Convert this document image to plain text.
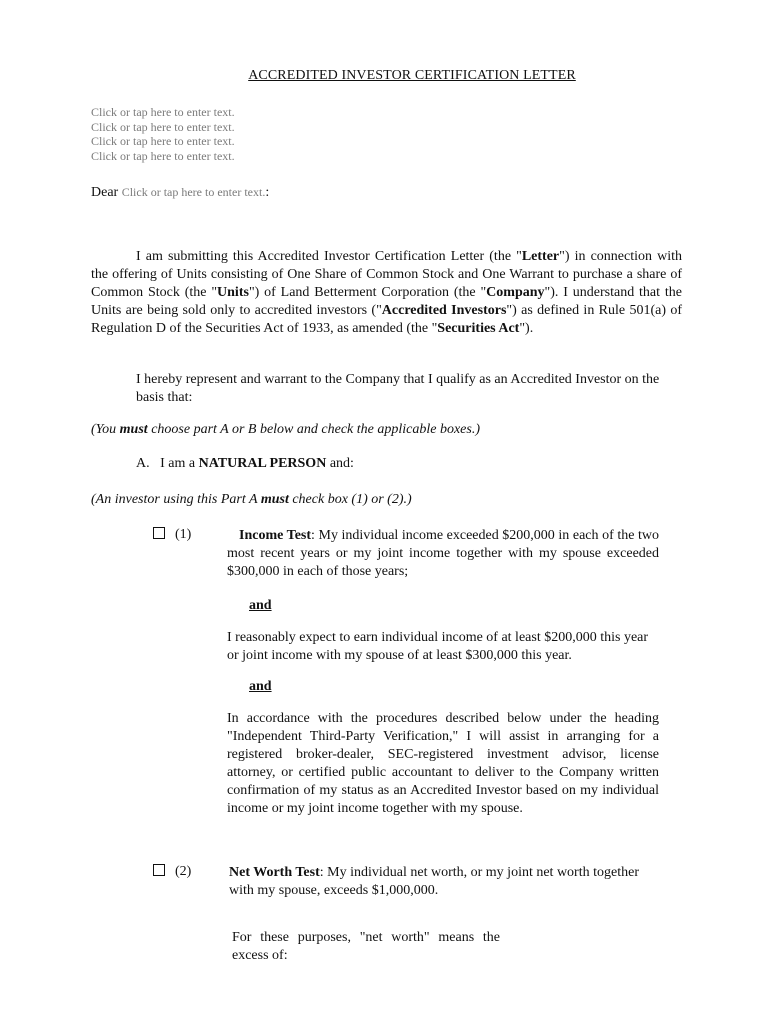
ACCREDITED INVESTOR CERTIFICATION LETTER
Click or tap here to enter text.
Click or tap here to enter text.
Click or tap here to enter text.
Click or tap here to enter text.
Dear Click or tap here to enter text.:
I am submitting this Accredited Investor Certification Letter (the "Letter") in connection with the offering of Units consisting of One Share of Common Stock and One Warrant to purchase a share of Common Stock (the "Units") of Land Betterment Corporation (the "Company"). I understand that the Units are being sold only to accredited investors ("Accredited Investors") as defined in Rule 501(a) of Regulation D of the Securities Act of 1933, as amended (the "Securities Act").
I hereby represent and warrant to the Company that I qualify as an Accredited Investor on the basis that:
(You must choose part A or B below and check the applicable boxes.)
A. I am a NATURAL PERSON and:
(An investor using this Part A must check box (1) or (2).)
(1)	Income Test: My individual income exceeded $200,000 in each of the two most recent years or my joint income together with my spouse exceeded $300,000 in each of those years;
and
I reasonably expect to earn individual income of at least $200,000 this year or joint income with my spouse of at least $300,000 this year.
and
In accordance with the procedures described below under the heading "Independent Third-Party Verification," I will assist in arranging for a registered broker-dealer, SEC-registered investment advisor, license attorney, or certified public accountant to deliver to the Company written confirmation of my status as an Accredited Investor based on my individual income or my joint income together with my spouse.
(2)	Net Worth Test: My individual net worth, or my joint net worth together with my spouse, exceeds $1,000,000.
For these purposes, "net worth" means the excess of:
